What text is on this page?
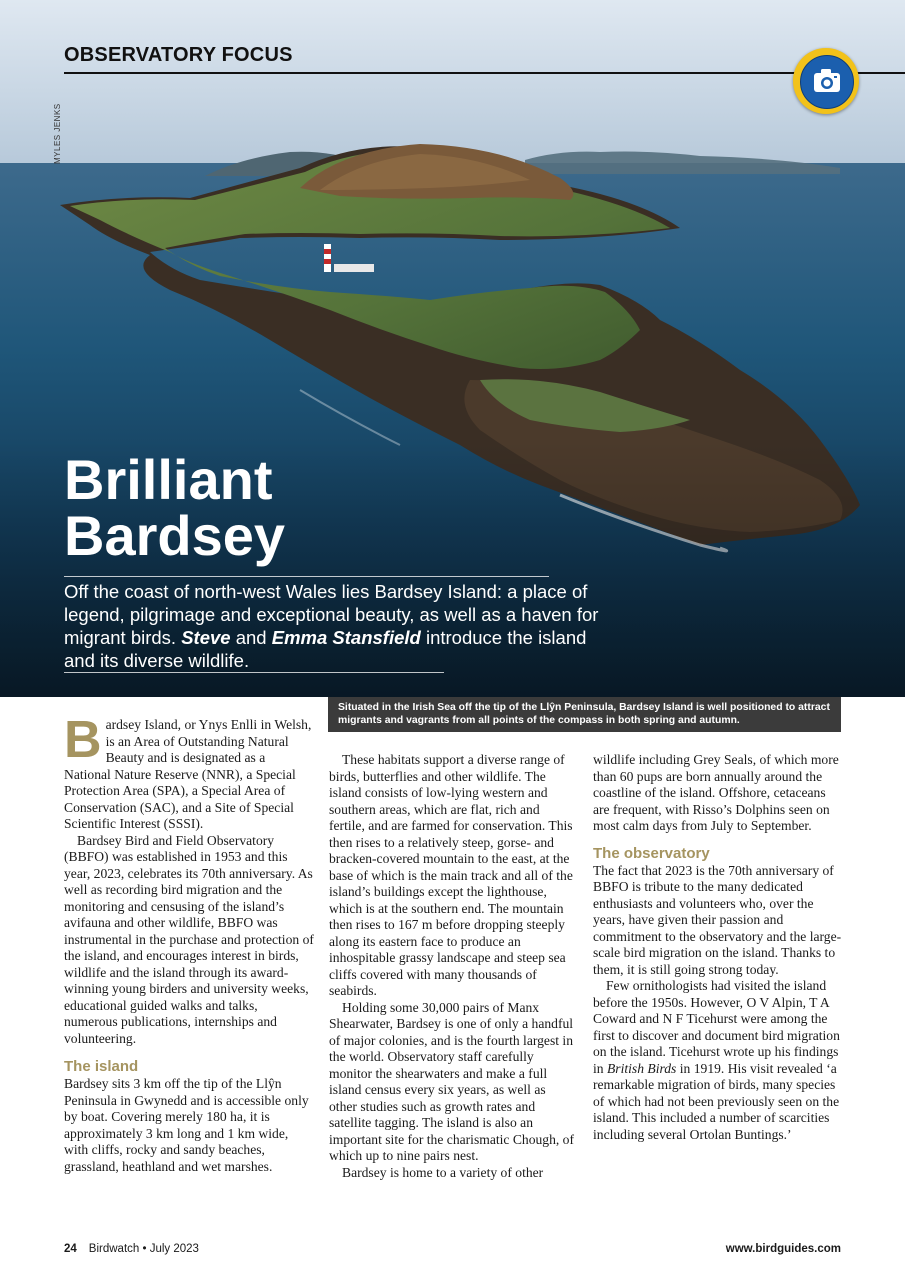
OBSERVATORY FOCUS
MYLES JENKS
Brilliant
Bardsey
Off the coast of north-west Wales lies Bardsey Island: a place of legend, pilgrimage and exceptional beauty, as well as a haven for migrant birds. Steve and Emma Stansfield introduce the island and its diverse wildlife.
Situated in the Irish Sea off the tip of the Llŷn Peninsula, Bardsey Island is well positioned to attract migrants and vagrants from all points of the compass in both spring and autumn.

Bardsey Island, or Ynys Enlli in Welsh, is an Area of Outstanding Natural Beauty and is designated as a National Nature Reserve (NNR), a Special Protection Area (SPA), a Special Area of Conservation (SAC), and a Site of Special Scientific Interest (SSSI).

Bardsey Bird and Field Observatory (BBFO) was established in 1953 and this year, 2023, celebrates its 70th anniversary. As well as recording bird migration and the monitoring and censusing of the island’s avifauna and other wildlife, BBFO was instrumental in the purchase and protection of the island, and encourages interest in birds, wildlife and the island through its award-winning young birders and university weeks, educational guided walks and talks, numerous publications, internships and volunteering.

The island

Bardsey sits 3 km off the tip of the Llŷn Peninsula in Gwynedd and is accessible only by boat. Covering merely 180 ha, it is approximately 3 km long and 1 km wide, with cliffs, rocky and sandy beaches, grassland, heathland and wet marshes.

These habitats support a diverse range of birds, butterflies and other wildlife. The island consists of low-lying western and southern areas, which are flat, rich and fertile, and are farmed for conservation. This then rises to a relatively steep, gorse- and bracken-covered mountain to the east, at the base of which is the main track and all of the island’s buildings except the lighthouse, which is at the southern end. The mountain then rises to 167 m before dropping steeply along its eastern face to produce an inhospitable grassy landscape and steep sea cliffs covered with many thousands of seabirds.

Holding some 30,000 pairs of Manx Shearwater, Bardsey is one of only a handful of major colonies, and is the fourth largest in the world. Observatory staff carefully monitor the shearwaters and make a full island census every six years, as well as other studies such as growth rates and satellite tagging. The island is also an important site for the charismatic Chough, of which up to nine pairs nest.

Bardsey is home to a variety of other

wildlife including Grey Seals, of which more than 60 pups are born annually around the coastline of the island. Offshore, cetaceans are frequent, with Risso’s Dolphins seen on most calm days from July to September.

The observatory

The fact that 2023 is the 70th anniversary of BBFO is tribute to the many dedicated enthusiasts and volunteers who, over the years, have given their passion and commitment to the observatory and the large-scale bird migration on the island. Thanks to them, it is still going strong today.

Few ornithologists had visited the island before the 1950s. However, O V Alpin, T A Coward and N F Ticehurst were among the first to discover and document bird migration on the island. Ticehurst wrote up his findings in British Birds in 1919. His visit revealed ‘a remarkable migration of birds, many species of which had not been previously seen on the island. This included a number of scarcities including several Ortolan Buntings.’

24 Birdwatch • July 2023	www.birdguides.com
